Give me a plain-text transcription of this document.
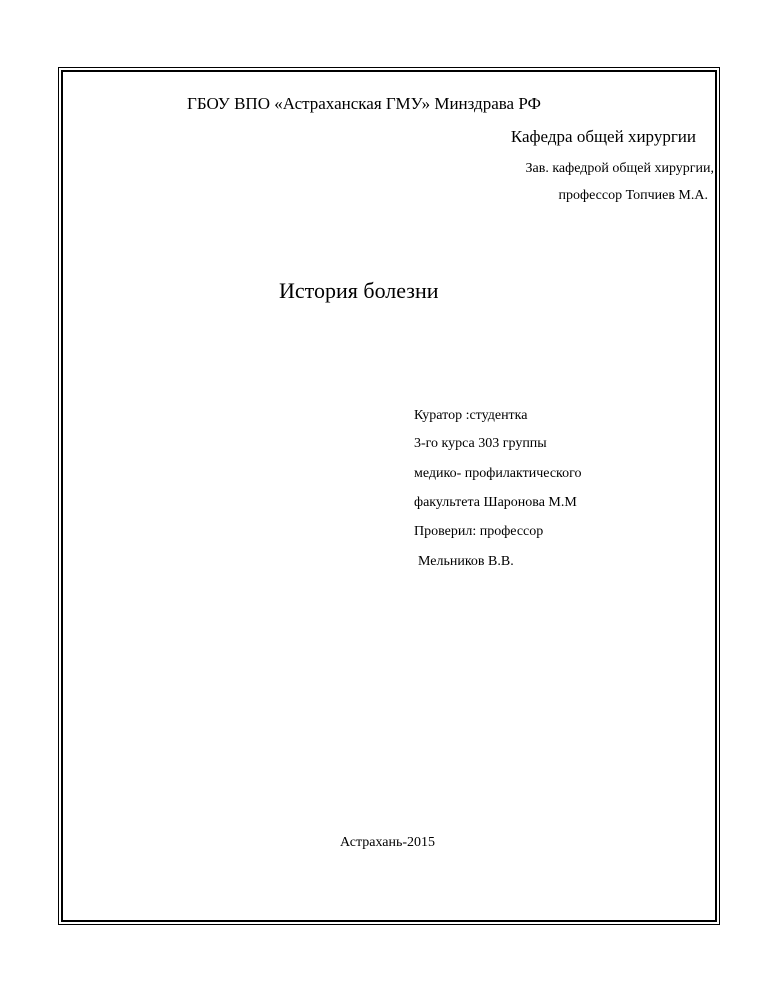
ГБОУ ВПО «Астраханская ГМУ» Минздрава РФ
Кафедра общей хирургии
Зав. кафедрой общей хирургии,
профессор Топчиев М.А.
История болезни
Куратор :студентка
3-го курса 303 группы
медико- профилактического
факультета Шаронова М.М
Проверил: профессор
Мельников В.В.
Астрахань-2015
